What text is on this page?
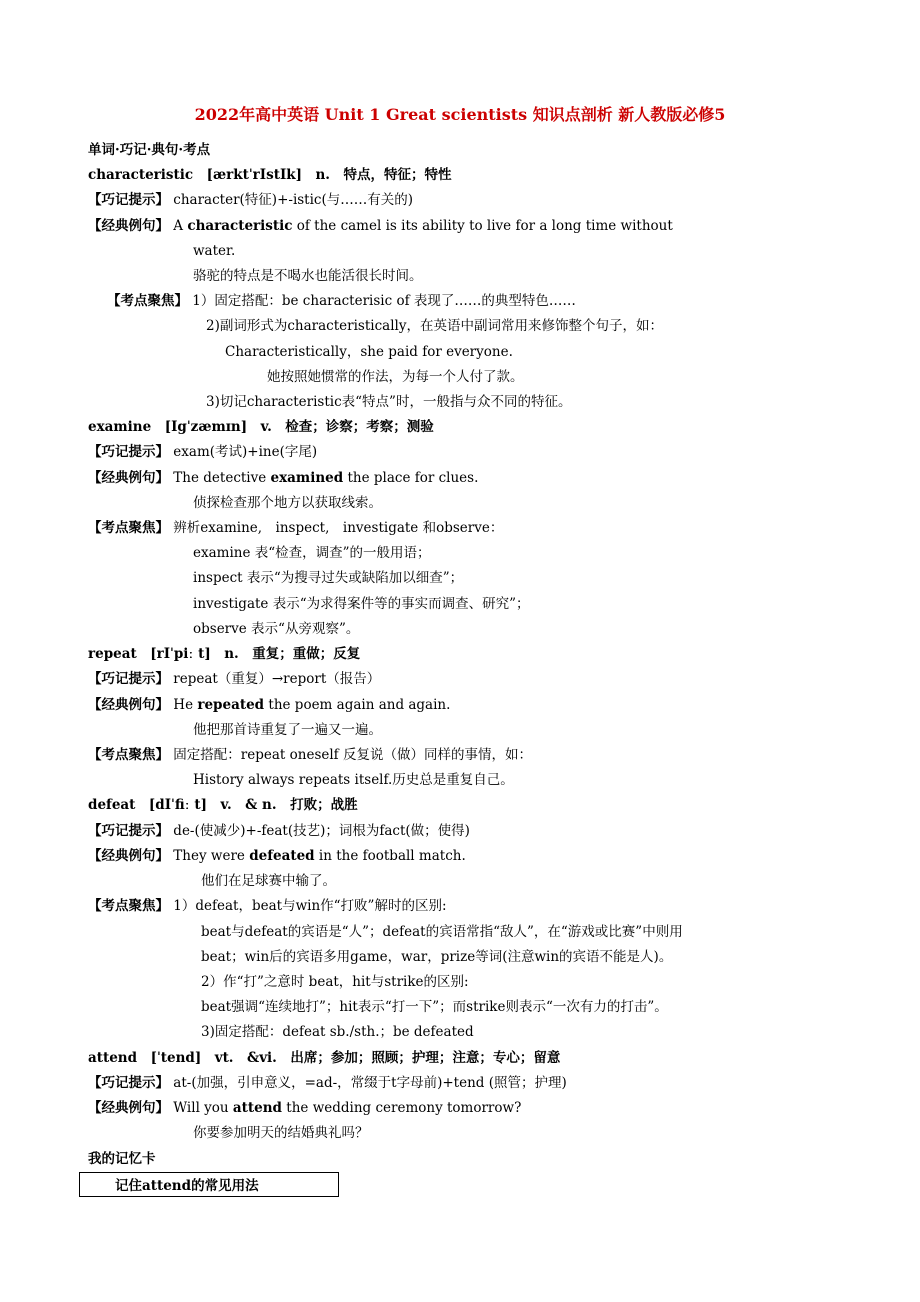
2022年高中英语 Unit 1 Great scientists 知识点剖析 新人教版必修5
单词·巧记·典句·考点
characteristic　[ærktˈrIstIk]　n.　特点，特征；特性
【巧记提示】 character(特征)+-istic(与……有关的)
【经典例句】 A characteristic of the camel is its ability to live for a long time without
water.
骆驼的特点是不喝水也能活很长时间。
【考点聚焦】 1）固定搭配：be characterisic of 表现了……的典型特色……
2)副词形式为characteristically，在英语中副词常用来修饰整个句子，如：
Characteristically，she paid for everyone.
她按照她惯常的作法，为每一个人付了款。
3)切记characteristic表“特点”时，一般指与众不同的特征。
examine　[Igˈzæmɪn]　v.　检查；诊察；考察；测验
【巧记提示】 exam(考试)+ine(字尾)
【经典例句】 The detective examined the place for clues.
侦探检查那个地方以获取线索。
【考点聚焦】 辨析examine,　inspect,　investigate 和observe：
examine 表“检查，调查”的一般用语；
inspect 表示“为搜寻过失或缺陷加以细查”；
investigate 表示“为求得案件等的事实而调查、研究”；
observe 表示“从旁观察”。
repeat　[rIˈpiː t]　n.　重复；重做；反复
【巧记提示】 repeat（重复）→report（报告）
【经典例句】 He repeated the poem again and again.
他把那首诗重复了一遍又一遍。
【考点聚焦】 固定搭配：repeat oneself 反复说（做）同样的事情，如：
History always repeats itself.历史总是重复自己。
defeat　[dIˈfiː t]　v.　& n.　打败；战胜
【巧记提示】 de-(使减少)+-feat(技艺)；词根为fact(做；使得)
【经典例句】 They were defeated in the football match.
他们在足球赛中输了。
【考点聚焦】 1）defeat，beat与win作“打败”解时的区别:
beat与defeat的宾语是“人”；defeat的宾语常指“敌人”，在“游戏或比赛”中则用
beat；win后的宾语多用game，war，prize等词(注意win的宾语不能是人)。
2）作“打”之意时 beat，hit与strike的区别:
beat强调“连续地打”；hit表示“打一下”；而strike则表示“一次有力的打击”。
3)固定搭配：defeat sb./sth.；be defeated
attend　[ˈtend]　vt.　&vi.　出席；参加；照顾；护理；注意；专心；留意
【巧记提示】 at-(加强，引申意义，=ad-，常缀于t字母前)+tend (照管；护理)
【经典例句】 Will you attend the wedding ceremony tomorrow?
你要参加明天的结婚典礼吗？
我的记忆卡
记住attend的常见用法
